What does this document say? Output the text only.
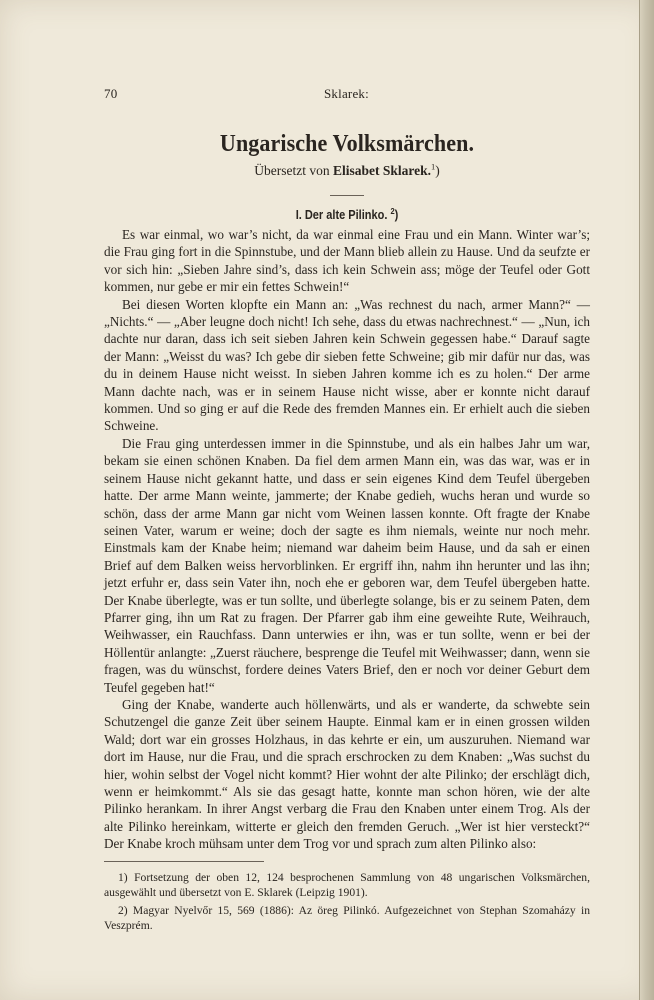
70	Sklarek:
Ungarische Volksmärchen.
Übersetzt von Elisabet Sklarek.$^1$)
I. Der alte Pilinko. $^2$)

Es war einmal, wo war’s nicht, da war einmal eine Frau und ein Mann. Winter war’s; die Frau ging fort in die Spinnstube, und der Mann blieb allein zu Hause. Und da seufzte er vor sich hin: „Sieben Jahre sind’s, dass ich kein Schwein ass; möge der Teufel oder Gott kommen, nur gebe er mir ein fettes Schwein!“

Bei diesen Worten klopfte ein Mann an: „Was rechnest du nach, armer Mann?“ — „Nichts.“ — „Aber leugne doch nicht! Ich sehe, dass du etwas nachrechnest.“ — „Nun, ich dachte nur daran, dass ich seit sieben Jahren kein Schwein gegessen habe.“ Darauf sagte der Mann: „Weisst du was? Ich gebe dir sieben fette Schweine; gib mir dafür nur das, was du in deinem Hause nicht weisst. In sieben Jahren komme ich es zu holen.“ Der arme Mann dachte nach, was er in seinem Hause nicht wisse, aber er konnte nicht darauf kommen. Und so ging er auf die Rede des fremden Mannes ein. Er erhielt auch die sieben Schweine.

Die Frau ging unterdessen immer in die Spinnstube, und als ein halbes Jahr um war, bekam sie einen schönen Knaben. Da fiel dem armen Mann ein, was das war, was er in seinem Hause nicht gekannt hatte, und dass er sein eigenes Kind dem Teufel übergeben hatte. Der arme Mann weinte, jammerte; der Knabe gedieh, wuchs heran und wurde so schön, dass der arme Mann gar nicht vom Weinen lassen konnte. Oft fragte der Knabe seinen Vater, warum er weine; doch der sagte es ihm niemals, weinte nur noch mehr. Einstmals kam der Knabe heim; niemand war daheim beim Hause, und da sah er einen Brief auf dem Balken weiss hervorblinken. Er ergriff ihn, nahm ihn herunter und las ihn; jetzt erfuhr er, dass sein Vater ihn, noch ehe er geboren war, dem Teufel übergeben hatte. Der Knabe überlegte, was er tun sollte, und überlegte solange, bis er zu seinem Paten, dem Pfarrer ging, ihn um Rat zu fragen. Der Pfarrer gab ihm eine geweihte Rute, Weihrauch, Weihwasser, ein Rauchfass. Dann unterwies er ihn, was er tun sollte, wenn er bei der Höllentür anlangte: „Zuerst räuchere, besprenge die Teufel mit Weihwasser; dann, wenn sie fragen, was du wünschst, fordere deines Vaters Brief, den er noch vor deiner Geburt dem Teufel gegeben hat!“

Ging der Knabe, wanderte auch höllenwärts, und als er wanderte, da schwebte sein Schutzengel die ganze Zeit über seinem Haupte. Einmal kam er in einen grossen wilden Wald; dort war ein grosses Holzhaus, in das kehrte er ein, um auszuruhen. Niemand war dort im Hause, nur die Frau, und die sprach erschrocken zu dem Knaben: „Was suchst du hier, wohin selbst der Vogel nicht kommt? Hier wohnt der alte Pilinko; der erschlägt dich, wenn er heimkommt.“ Als sie das gesagt hatte, konnte man schon hören, wie der alte Pilinko herankam. In ihrer Angst verbarg die Frau den Knaben unter einem Trog. Als der alte Pilinko hereinkam, witterte er gleich den fremden Geruch. „Wer ist hier versteckt?“ Der Knabe kroch mühsam unter dem Trog vor und sprach zum alten Pilinko also:

1) Fortsetzung der oben 12, 124 besprochenen Sammlung von 48 ungarischen Volksmärchen, ausgewählt und übersetzt von E. Sklarek (Leipzig 1901).

2) Magyar Nyelvőr 15, 569 (1886): Az öreg Pilinkó. Aufgezeichnet von Stephan Szomaházy in Veszprém.
